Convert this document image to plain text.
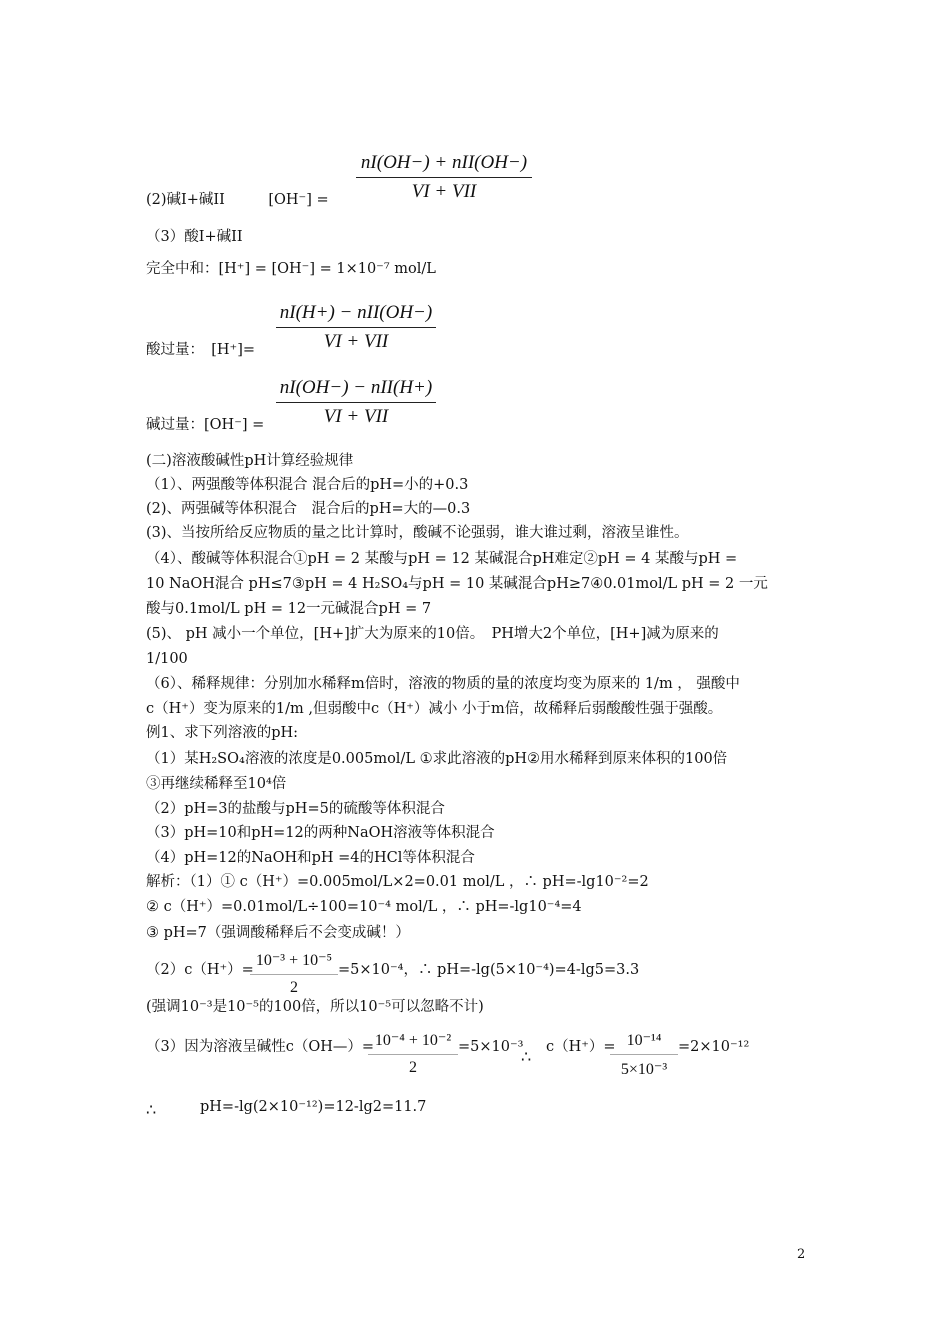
nI(OH−) + nII(OH−)
VI + VII
(2)碱Ⅰ+碱ⅠⅠ　　　[OH⁻] =
（3）酸Ⅰ+碱ⅠⅠ
完全中和：[H⁺] = [OH⁻] = 1×10⁻⁷ mol/L
nI(H+) − nII(OH−)
VI + VII
酸过量：　[H⁺]=
nI(OH−) − nII(H+)
VI + VII
碱过量：[OH⁻] =
(二)溶液酸碱性pH计算经验规律
（1）、两强酸等体积混合 混合后的pH=小的+0.3
(2)、两强碱等体积混合　混合后的pH=大的—0.3
(3)、当按所给反应物质的量之比计算时，酸碱不论强弱，谁大谁过剩，溶液呈谁性。
（4）、酸碱等体积混合①pH = 2 某酸与pH = 12 某碱混合pH难定②pH = 4 某酸与pH =
10 NaOH混合 pH≤7③pH = 4 H₂SO₄与pH = 10 某碱混合pH≥7④0.01mol/L pH = 2 一元
酸与0.1mol/L pH = 12一元碱混合pH = 7
(5)、 pH 减小一个单位，[H+]扩大为原来的10倍。　PH增大2个单位，[H+]减为原来的
1/100
（6）、稀释规律：分别加水稀释m倍时，溶液的物质的量的浓度均变为原来的 1/m ， 强酸中
c（H⁺）变为原来的1/m ,但弱酸中c（H⁺）减小 小于m倍，故稀释后弱酸酸性强于强酸。
例1、求下列溶液的pH:
（1）某H₂SO₄溶液的浓度是0.005mol/L ①求此溶液的pH②用水稀释到原来体积的100倍
③再继续稀释至10⁴倍
（2）pH=3的盐酸与pH=5的硫酸等体积混合
（3）pH=10和pH=12的两种NaOH溶液等体积混合
（4）pH=12的NaOH和pH =4的HCl等体积混合
解析：（1）① c（H⁺）=0.005mol/L×2=0.01 mol/L ，∴ pH=-lg10⁻²=2
② c（H⁺）=0.01mol/L÷100=10⁻⁴ mol/L ，∴ pH=-lg10⁻⁴=4
③ pH=7（强调酸稀释后不会变成碱！）
（2）c（H⁺）=
10⁻³ + 10⁻⁵
2
=5×10⁻⁴，∴ pH=-lg(5×10⁻⁴)=4-lg5=3.3
(强调10⁻³是10⁻⁵的100倍，所以10⁻⁵可以忽略不计)
（3）因为溶液呈碱性c（OH—）= 10⁻⁴ + 10⁻²
2
=5×10⁻³
∴ c（H⁺）= 10⁻¹⁴
5×10⁻³
=2×10⁻¹²
∴	pH=-lg(2×10⁻¹²)=12-lg2=11.7
2
